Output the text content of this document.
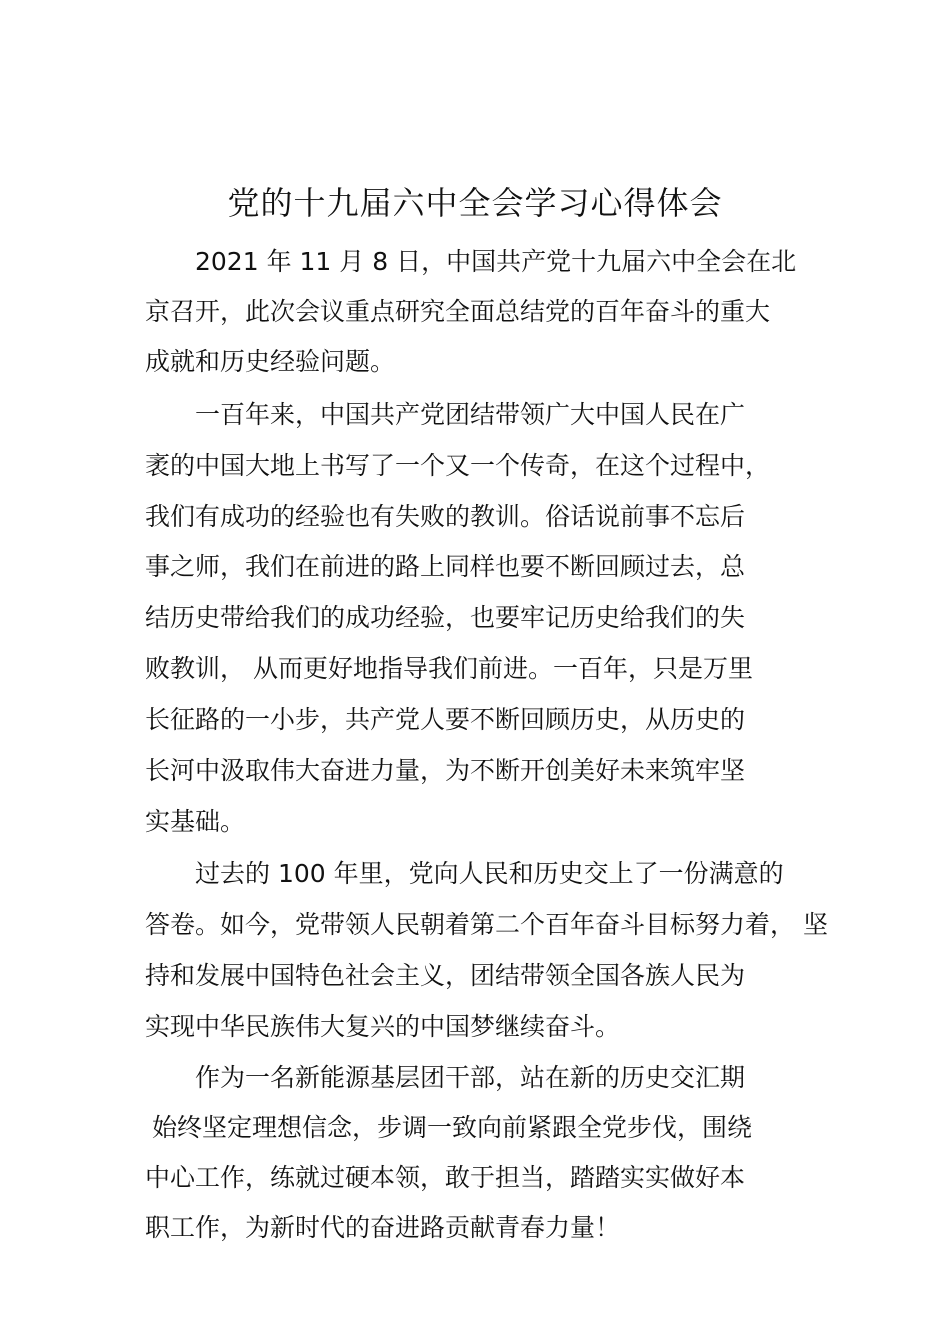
党的十九届六中全会学习心得体会
2021 年 11 月 8 日，中国共产党十九届六中全会在北
京召开，此次会议重点研究全面总结党的百年奋斗的重大
成就和历史经验问题。
一百年来，中国共产党团结带领广大中国人民在广
袤的中国大地上书写了一个又一个传奇，在这个过程中，
我们有成功的经验也有失败的教训。俗话说前事不忘后
事之师，我们在前进的路上同样也要不断回顾过去，总
结历史带给我们的成功经验，也要牢记历史给我们的失
败教训， 从而更好地指导我们前进。一百年，只是万里
长征路的一小步，共产党人要不断回顾历史，从历史的
长河中汲取伟大奋进力量，为不断开创美好未来筑牢坚
实基础。
过去的 100 年里，党向人民和历史交上了一份满意的
答卷。如今，党带领人民朝着第二个百年奋斗目标努力着， 坚
持和发展中国特色社会主义，团结带领全国各族人民为
实现中华民族伟大复兴的中国梦继续奋斗。
作为一名新能源基层团干部，站在新的历史交汇期
始终坚定理想信念，步调一致向前紧跟全党步伐，围绕
中心工作，练就过硬本领，敢于担当，踏踏实实做好本
职工作，为新时代的奋进路贡献青春力量！
